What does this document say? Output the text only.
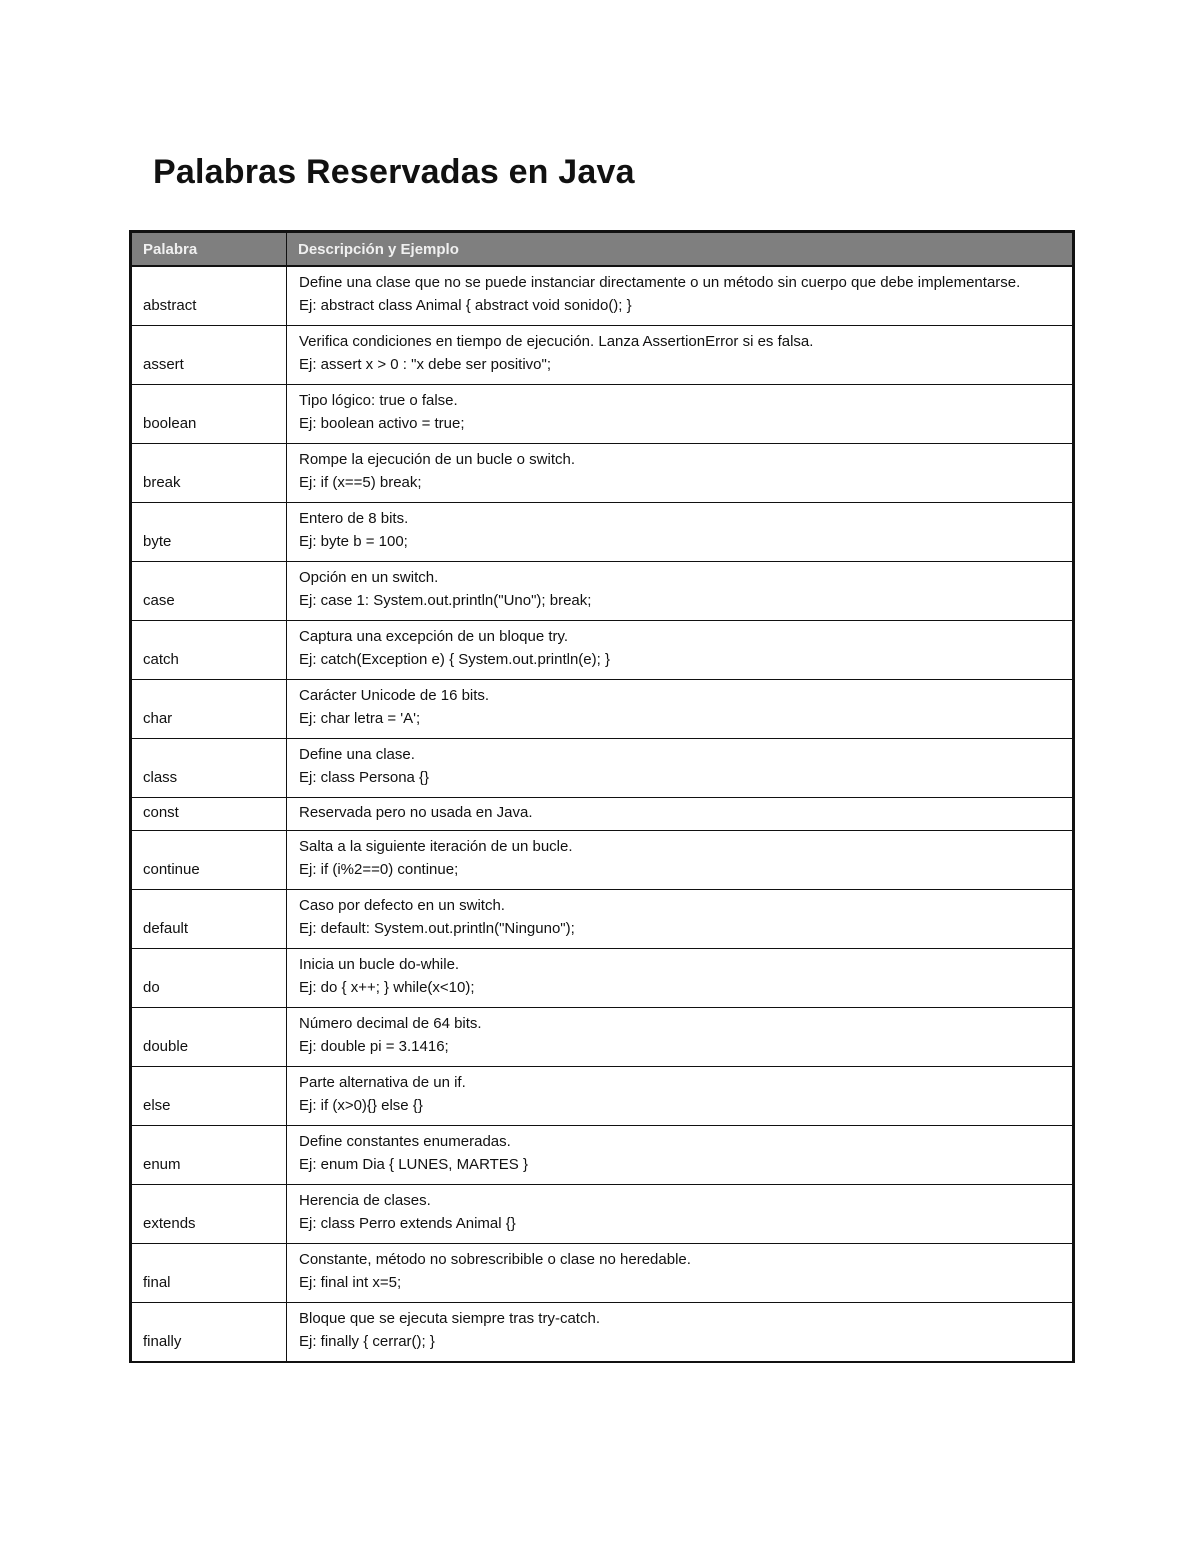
Palabras Reservadas en Java
Palabra	Descripción y Ejemplo
abstract	Define una clase que no se puede instanciar directamente o un método sin cuerpo que debe implementarse.
Ej: abstract class Animal { abstract void sonido(); }

assert	Verifica condiciones en tiempo de ejecución. Lanza AssertionError si es falsa.
Ej: assert x > 0 : "x debe ser positivo";

boolean	Tipo lógico: true o false.
Ej: boolean activo = true;

break	Rompe la ejecución de un bucle o switch.
Ej: if (x==5) break;

byte	Entero de 8 bits.
Ej: byte b = 100;

case	Opción en un switch.
Ej: case 1: System.out.println("Uno"); break;

catch	Captura una excepción de un bloque try.
Ej: catch(Exception e) { System.out.println(e); }

char	Carácter Unicode de 16 bits.
Ej: char letra = 'A';

class	Define una clase.
Ej: class Persona {}

const	Reservada pero no usada en Java.

continue	Salta a la siguiente iteración de un bucle.
Ej: if (i%2==0) continue;

default	Caso por defecto en un switch.
Ej: default: System.out.println("Ninguno");

do	Inicia un bucle do-while.
Ej: do { x++; } while(x<10);

double	Número decimal de 64 bits.
Ej: double pi = 3.1416;

else	Parte alternativa de un if.
Ej: if (x>0){} else {}

enum	Define constantes enumeradas.
Ej: enum Dia { LUNES, MARTES }

extends	Herencia de clases.
Ej: class Perro extends Animal {}

final	Constante, método no sobrescribible o clase no heredable.
Ej: final int x=5;

finally	Bloque que se ejecuta siempre tras try-catch.
Ej: finally { cerrar(); }
